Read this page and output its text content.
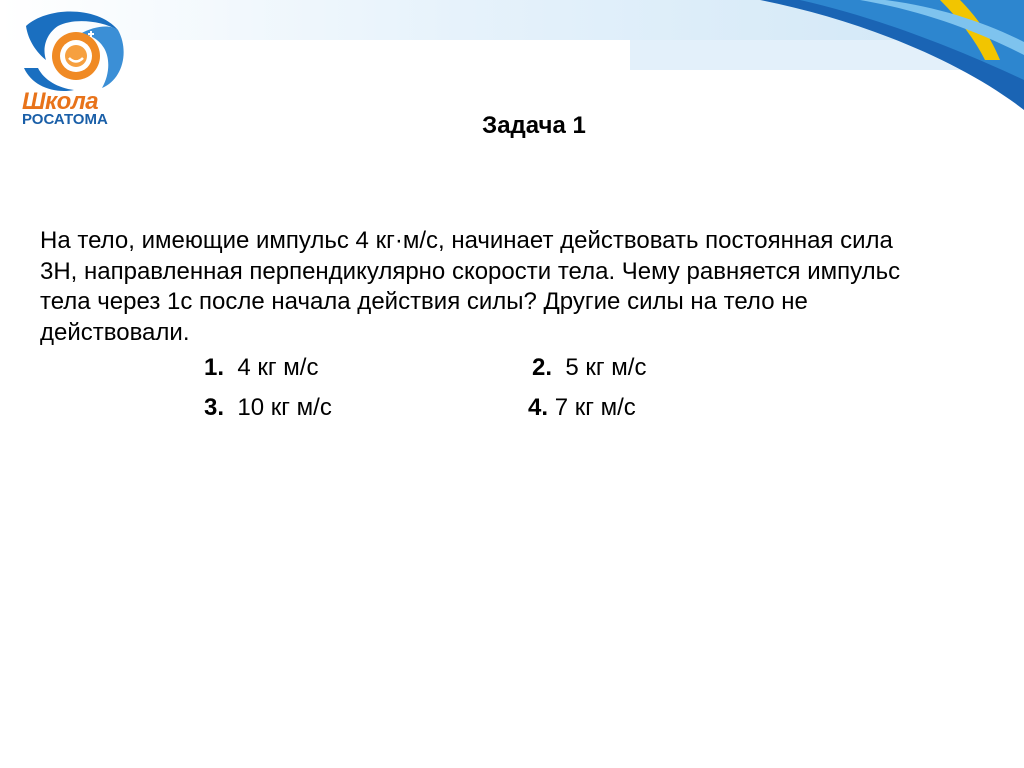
Школа
РОСАТОМА	Задача 1
На тело, имеющие импульс 4 кг·м/с, начинает действовать постоянная сила
3Н, направленная перпендикулярно скорости тела. Чему равняется импульс
тела через 1с после начала действия силы? Другие силы на тело не
действовали.
1. 4 кг м/с	2. 5 кг м/с
3. 10 кг м/с	4. 7 кг м/с
